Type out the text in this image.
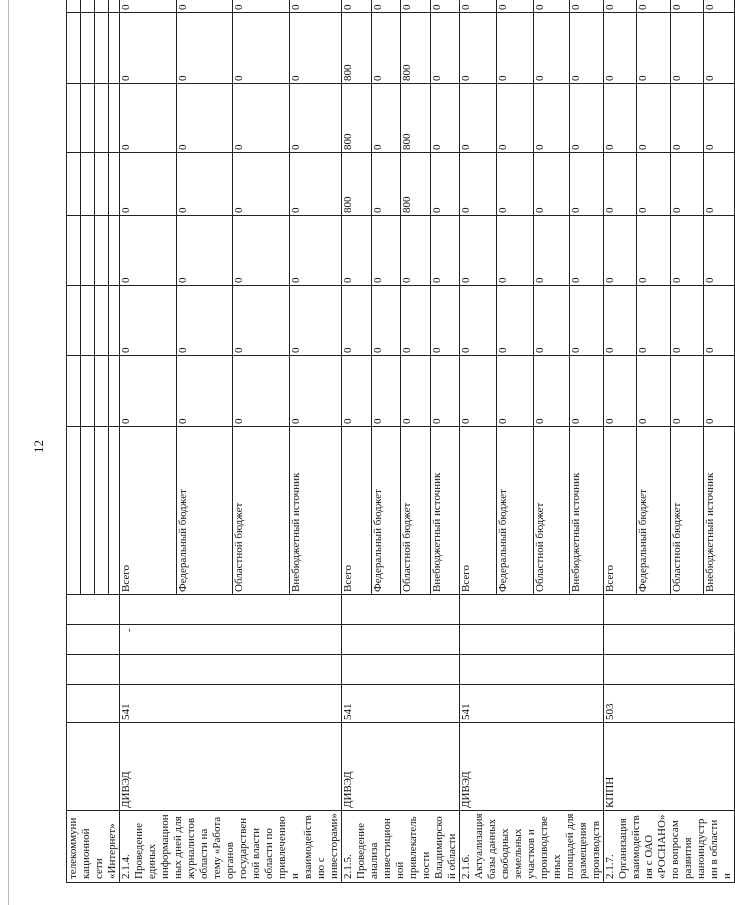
12
-
телекоммуникационной сети «Интернет»													

2.1.4. Проведение единых информационных дней для журналистов области на тему «Работа органов государственной власти области по привлечению и взаимодействию с инвесторами»	ДИВЭД	541				Всего	0	0	0	0	0	0	0
						Федеральный бюджет	0	0	0	0	0	0	0
						Областной бюджет	0	0	0	0	0	0	0
						Внебюджетный источник	0	0	0	0	0	0	0
2.1.5. Проведение анализа инвестиционной привлекательности Владимирской области	ДИВЭД	541				Всего	0	0	0	800	800	800	0
						Федеральный бюджет	0	0	0	0	0	0	0
						Областной бюджет	0	0	0	800	800	800	0
						Внебюджетный источник	0	0	0	0	0	0	0
2.1.6. Актуализация базы данных свободных земельных участков и производственных площадей для размещения производств	ДИВЭД	541				Всего	0	0	0	0	0	0	0
						Федеральный бюджет	0	0	0	0	0	0	0
						Областной бюджет	0	0	0	0	0	0	0
						Внебюджетный источник	0	0	0	0	0	0	0
2.1.7. Организация взаимодействия с ОАО «РОСНАНО» по вопросам развития наноиндустрии в области и	КППН	503				Всего	0	0	0	0	0	0	0
						Федеральный бюджет	0	0	0	0	0	0	0
						Областной бюджет	0	0	0	0	0	0	0
						Внебюджетный источник	0	0	0	0	0	0	0
